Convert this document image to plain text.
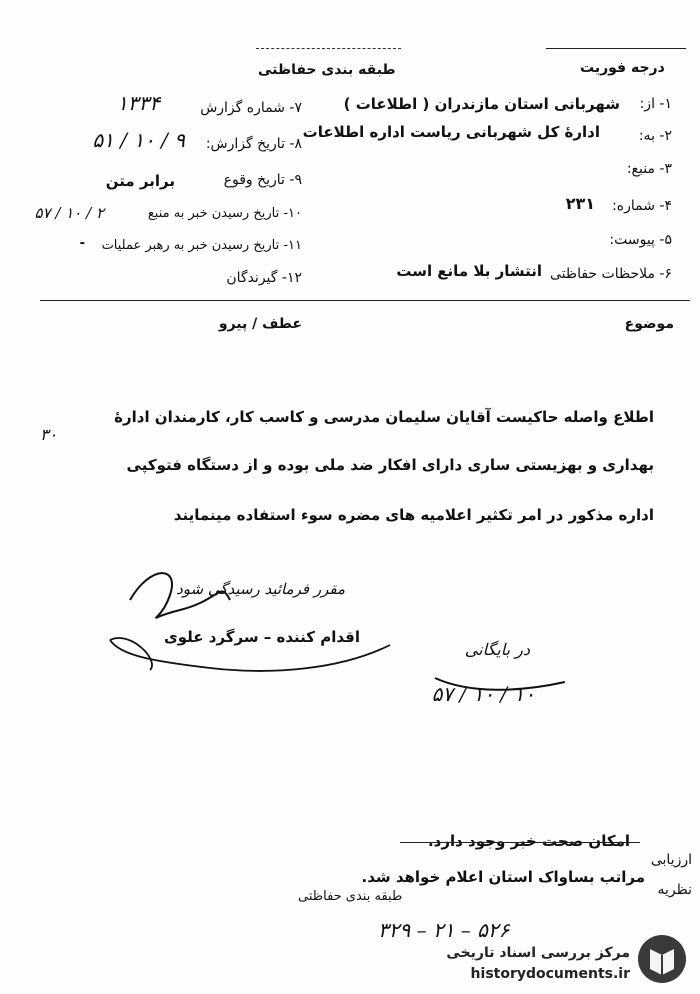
طبقه بندی حفاظتی	درجه فوریت
۱- از:
شهربانی استان مازندران ( اطلاعات )
۲- به:
ادارهٔ کل شهربانی ریاست اداره اطلاعات
۳- منبع:
۴- شماره:
۲۳۱
۵- پیوست:
۶- ملاحظات حفاظتی
انتشار بلا مانع است
۷- شماره گزارش
۱۳۳۴
۸- تاریخ گزارش:
۹ / ۱۰ / ۵۱
۹- تاریخ وقوع
برابر متن
۱۰- تاریخ رسیدن خبر به منبع
۲ / ۱۰ / ۵۷
۱۱- تاریخ رسیدن خبر به رهبر عملیات
-
۱۲- گیرندگان
موضوع
عطف / پیرو
اطلاع واصله حاکیست آقایان سلیمان مدرسی و کاسب کار، کارمندان ادارهٔ
بهداری و بهزیستی ساری دارای افکار ضد ملی بوده و از دستگاه فتوکپی
اداره مذکور در امر تکثیر اعلامیه های مضره سوء استفاده مینمایند
۳۰
مقرر فرمائید رسیدگی شود
اقدام کننده – سرگرد علوی
در بایگانی
۱۰ / ۱۰ / ۵۷
ارزیابی
امکان صحت خبر وجود دارد.
نظریه
مراتب بساواک استان اعلام خواهد شد.
طبقه بندی حفاظتی
۵۲۶ – ۲۱ – ۳۲۹
مرکز بررسی اسناد تاریخی
historydocuments.ir
